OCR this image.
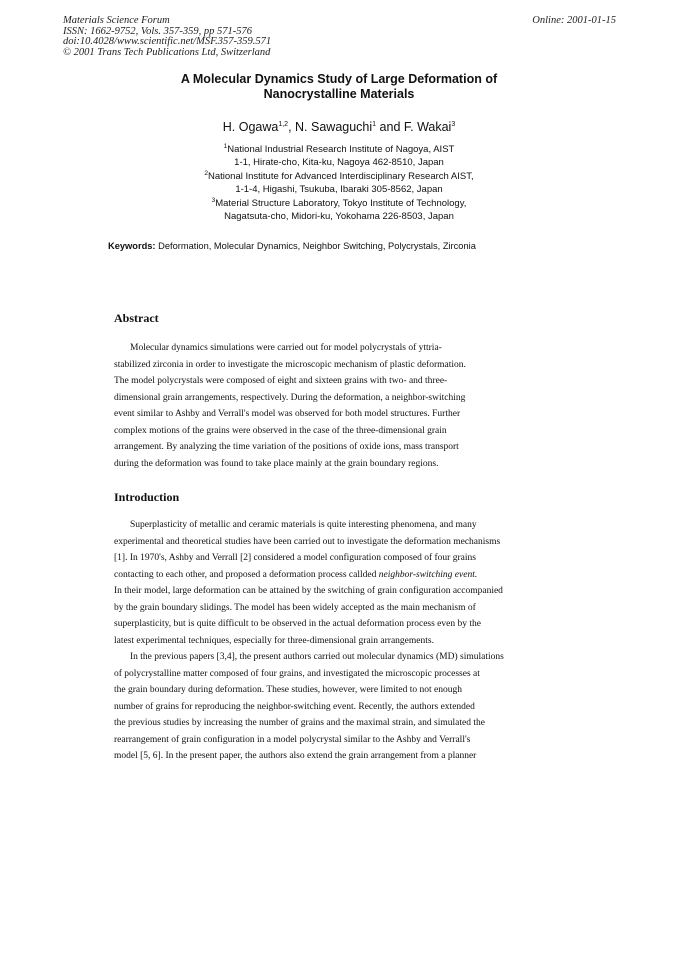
Materials Science Forum
ISSN: 1662-9752, Vols. 357-359, pp 571-576
doi:10.4028/www.scientific.net/MSF.357-359.571
© 2001 Trans Tech Publications Ltd, Switzerland
Online: 2001-01-15
A Molecular Dynamics Study of Large Deformation of
Nanocrystalline Materials
H. Ogawa$^{1,2}$, N. Sawaguchi$^1$ and F. Wakai$^3$
$^1$National Industrial Research Institute of Nagoya, AIST
1-1, Hirate-cho, Kita-ku, Nagoya 462-8510, Japan
$^2$National Institute for Advanced Interdisciplinary Research AIST,
1-1-4, Higashi, Tsukuba, Ibaraki 305-8562, Japan
$^3$Material Structure Laboratory, Tokyo Institute of Technology,
Nagatsuta-cho, Midori-ku, Yokohama 226-8503, Japan
Keywords: Deformation, Molecular Dynamics, Neighbor Switching, Polycrystals, Zirconia
Abstract
Molecular dynamics simulations were carried out for model polycrystals of yttria-
stabilized zirconia in order to investigate the microscopic mechanism of plastic deformation.
The model polycrystals were composed of eight and sixteen grains with two- and three-
dimensional grain arrangements, respectively. During the deformation, a neighbor-switching
event similar to Ashby and Verrall's model was observed for both model structures. Further
complex motions of the grains were observed in the case of the three-dimensional grain
arrangement. By analyzing the time variation of the positions of oxide ions, mass transport
during the deformation was found to take place mainly at the grain boundary regions.
Introduction
Superplasticity of metallic and ceramic materials is quite interesting phenomena, and many
experimental and theoretical studies have been carried out to investigate the deformation mechanisms
[1]. In 1970's, Ashby and Verrall [2] considered a model configuration composed of four grains
contacting to each other, and proposed a deformation process callded neighbor-switching event.
In their model, large deformation can be attained by the switching of grain configuration accompanied
by the grain boundary slidings. The model has been widely accepted as the main mechanism of
superplasticity, but is quite difficult to be observed in the actual deformation process even by the
latest experimental techniques, especially for three-dimensional grain arrangements.
In the previous papers [3,4], the present authors carried out molecular dynamics (MD) simulations
of polycrystalline matter composed of four grains, and investigated the microscopic processes at
the grain boundary during deformation. These studies, however, were limited to not enough
number of grains for reproducing the neighbor-switching event. Recently, the authors extended
the previous studies by increasing the number of grains and the maximal strain, and simulated the
rearrangement of grain configuration in a model polycrystal similar to the Ashby and Verrall's
model [5, 6]. In the present paper, the authors also extend the grain arrangement from a planner
